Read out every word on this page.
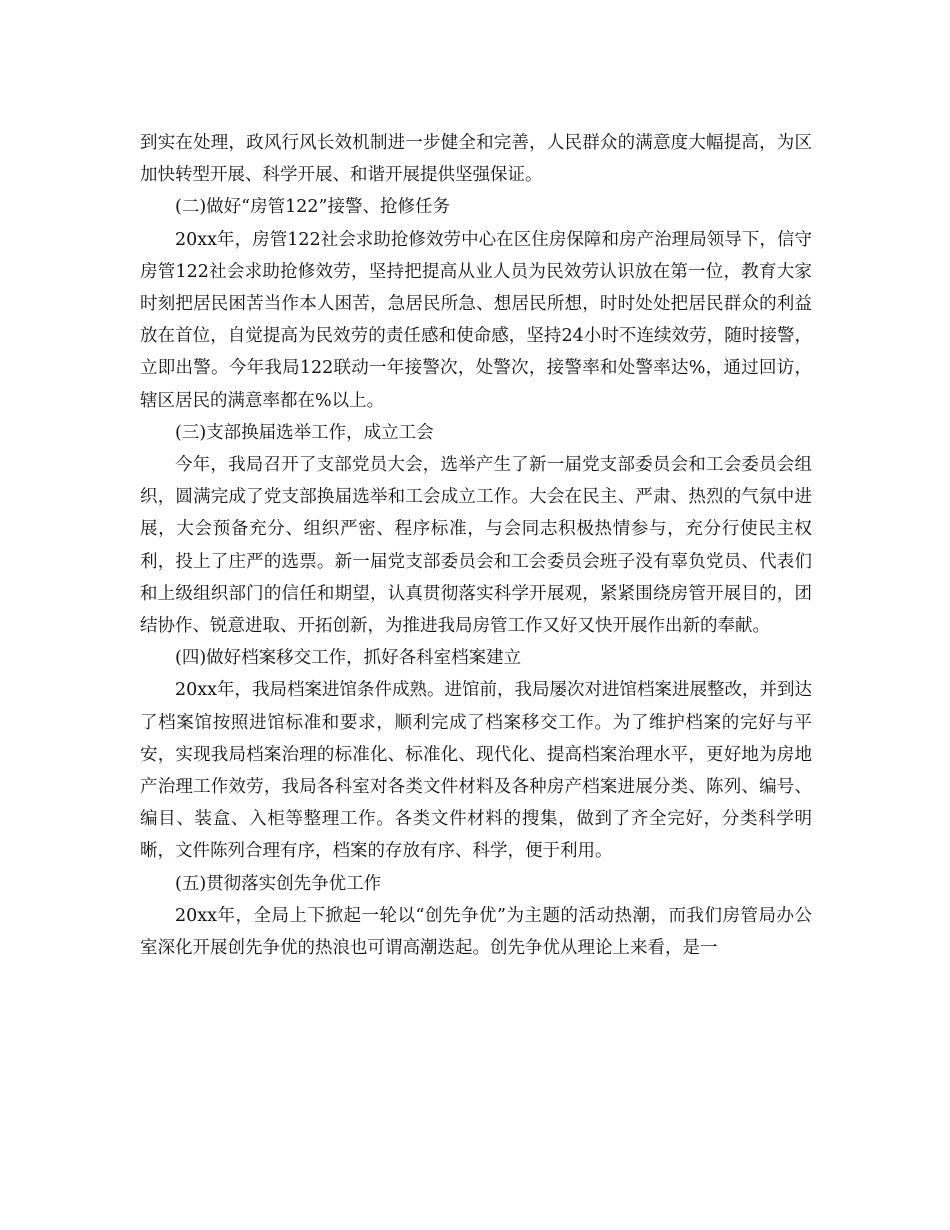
到实在处理，政风行风长效机制进一步健全和完善，人民群众的满意度大幅提高，为区加快转型开展、科学开展、和谐开展提供坚强保证。

(二)做好“房管122”接警、抢修任务

20xx年，房管122社会求助抢修效劳中心在区住房保障和房产治理局领导下，信守房管122社会求助抢修效劳，坚持把提高从业人员为民效劳认识放在第一位，教育大家时刻把居民困苦当作本人困苦，急居民所急、想居民所想，时时处处把居民群众的利益放在首位，自觉提高为民效劳的责任感和使命感，坚持24小时不连续效劳，随时接警，立即出警。今年我局122联动一年接警次，处警次，接警率和处警率达%，通过回访，辖区居民的满意率都在%以上。

(三)支部换届选举工作，成立工会

今年，我局召开了支部党员大会，选举产生了新一届党支部委员会和工会委员会组织，圆满完成了党支部换届选举和工会成立工作。大会在民主、严肃、热烈的气氛中进展，大会预备充分、组织严密、程序标准，与会同志积极热情参与，充分行使民主权利，投上了庄严的选票。新一届党支部委员会和工会委员会班子没有辜负党员、代表们和上级组织部门的信任和期望，认真贯彻落实科学开展观，紧紧围绕房管开展目的，团结协作、锐意进取、开拓创新，为推进我局房管工作又好又快开展作出新的奉献。

(四)做好档案移交工作，抓好各科室档案建立

20xx年，我局档案进馆条件成熟。进馆前，我局屡次对进馆档案进展整改，并到达了档案馆按照进馆标准和要求，顺利完成了档案移交工作。为了维护档案的完好与平安，实现我局档案治理的标准化、标准化、现代化、提高档案治理水平，更好地为房地产治理工作效劳，我局各科室对各类文件材料及各种房产档案进展分类、陈列、编号、编目、装盒、入柜等整理工作。各类文件材料的搜集，做到了齐全完好，分类科学明晰，文件陈列合理有序，档案的存放有序、科学，便于利用。

(五)贯彻落实创先争优工作

20xx年，全局上下掀起一轮以“创先争优”为主题的活动热潮，而我们房管局办公室深化开展创先争优的热浪也可谓高潮迭起。创先争优从理论上来看，是一
